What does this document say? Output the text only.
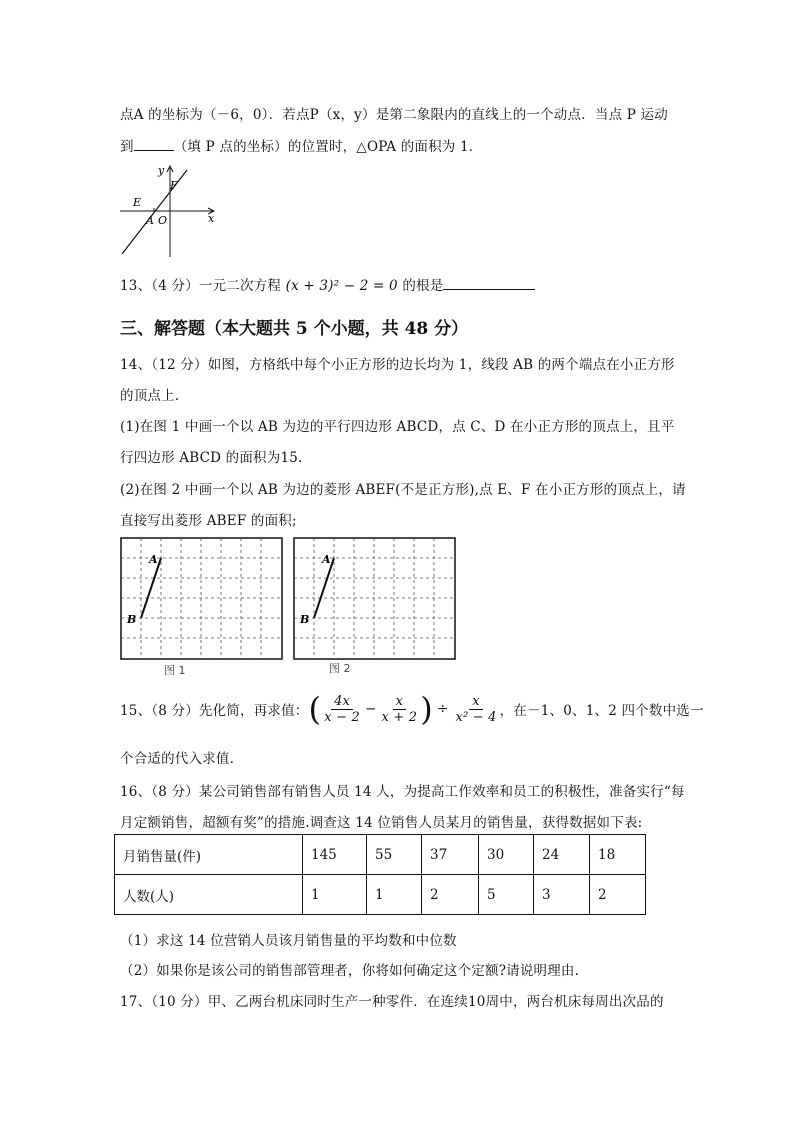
点A 的坐标为（－6，0）．若点P（x，y）是第二象限内的直线上的一个动点．当点 P 运动
到	（填 P 点的坐标）的位置时，△OPA 的面积为 1．
y
x
F
E
A O
13、（4 分）一元二次方程 (x + 3)² − 2 = 0 的根是
三、解答题（本大题共 5 个小题，共 48 分）
14、（12 分）如图，方格纸中每个小正方形的边长均为 1，线段 AB 的两个端点在小正方形
的顶点上.
(1)在图 1 中画一个以 AB 为边的平行四边形 ABCD，点 C、D 在小正方形的顶点上，且平
行四边形 ABCD 的面积为15.
(2)在图 2 中画一个以 AB 为边的菱形 ABEF(不是正方形),点 E、F 在小正方形的顶点上，请
直接写出菱形 ABEF 的面积;
A
B
图 1
A
B
图 2
15、（8 分）先化简，再求值： ( $\frac{4x}{x - 2} - \frac{x}{x + 2}$ ) ÷ $\frac{x}{\text{x² − 4}}$ ，在－1、0、1、2 四个数中选一
个合适的代入求值.
16、（8 分）某公司销售部有销售人员 14 人，为提高工作效率和员工的积极性，准备实行“每
月定额销售，超额有奖”的措施.调查这 14 位销售人员某月的销售量，获得数据如下表:
月销售量(件)	145	55	37	30	24	18
人数(人)	1	1	2	5	3	2
（1）求这 14 位营销人员该月销售量的平均数和中位数
（2）如果你是该公司的销售部管理者，你将如何确定这个定额?请说明理由.
17、（10 分）甲、乙两台机床同时生产一种零件．在连续10周中，两台机床每周出次品的
